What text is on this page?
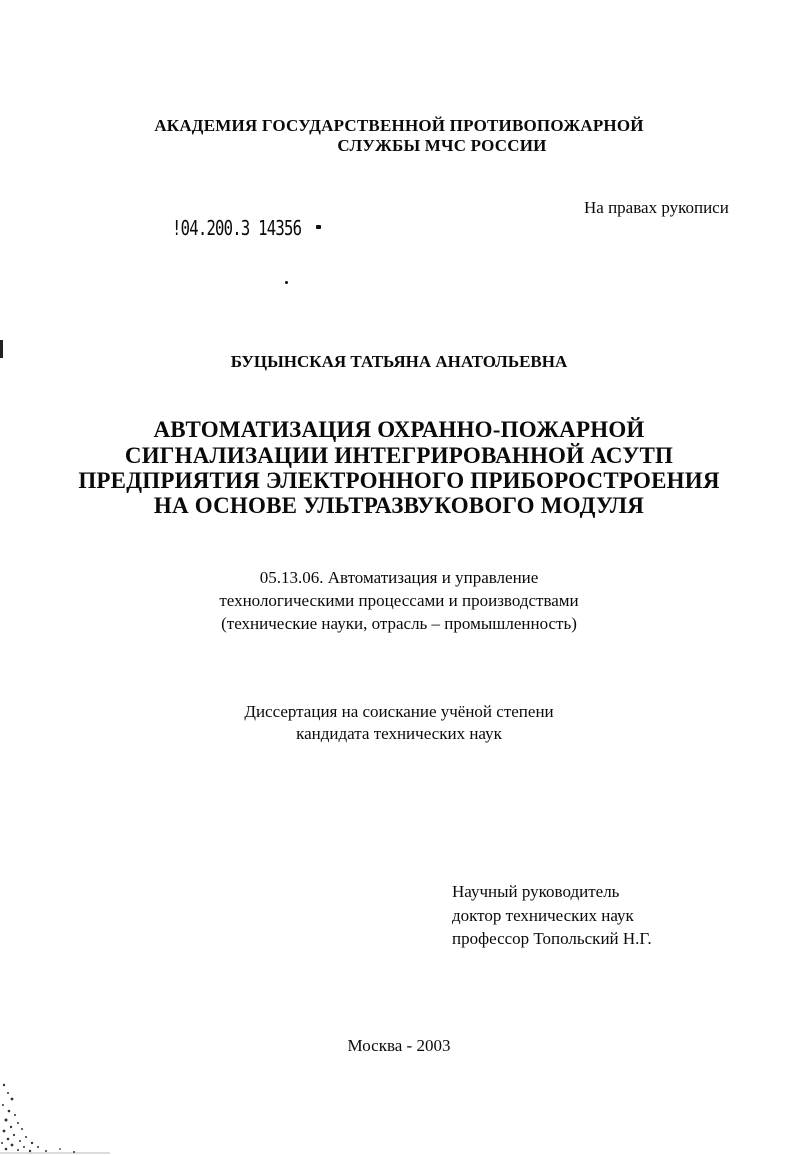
АКАДЕМИЯ ГОСУДАРСТВЕННОЙ ПРОТИВОПОЖАРНОЙ
СЛУЖБЫ МЧС РОССИИ
На правах рукописи
!04.200.3 14356
БУЦЫНСКАЯ ТАТЬЯНА АНАТОЛЬЕВНА
АВТОМАТИЗАЦИЯ ОХРАННО-ПОЖАРНОЙ
СИГНАЛИЗАЦИИ ИНТЕГРИРОВАННОЙ АСУТП
ПРЕДПРИЯТИЯ ЭЛЕКТРОННОГО ПРИБОРОСТРОЕНИЯ
НА ОСНОВЕ УЛЬТРАЗВУКОВОГО МОДУЛЯ
05.13.06. Автоматизация и управление
технологическими процессами и производствами
(технические науки, отрасль – промышленность)
Диссертация на соискание учёной степени
кандидата технических наук
Научный руководитель
доктор технических наук
профессор Топольский Н.Г.
Москва - 2003
